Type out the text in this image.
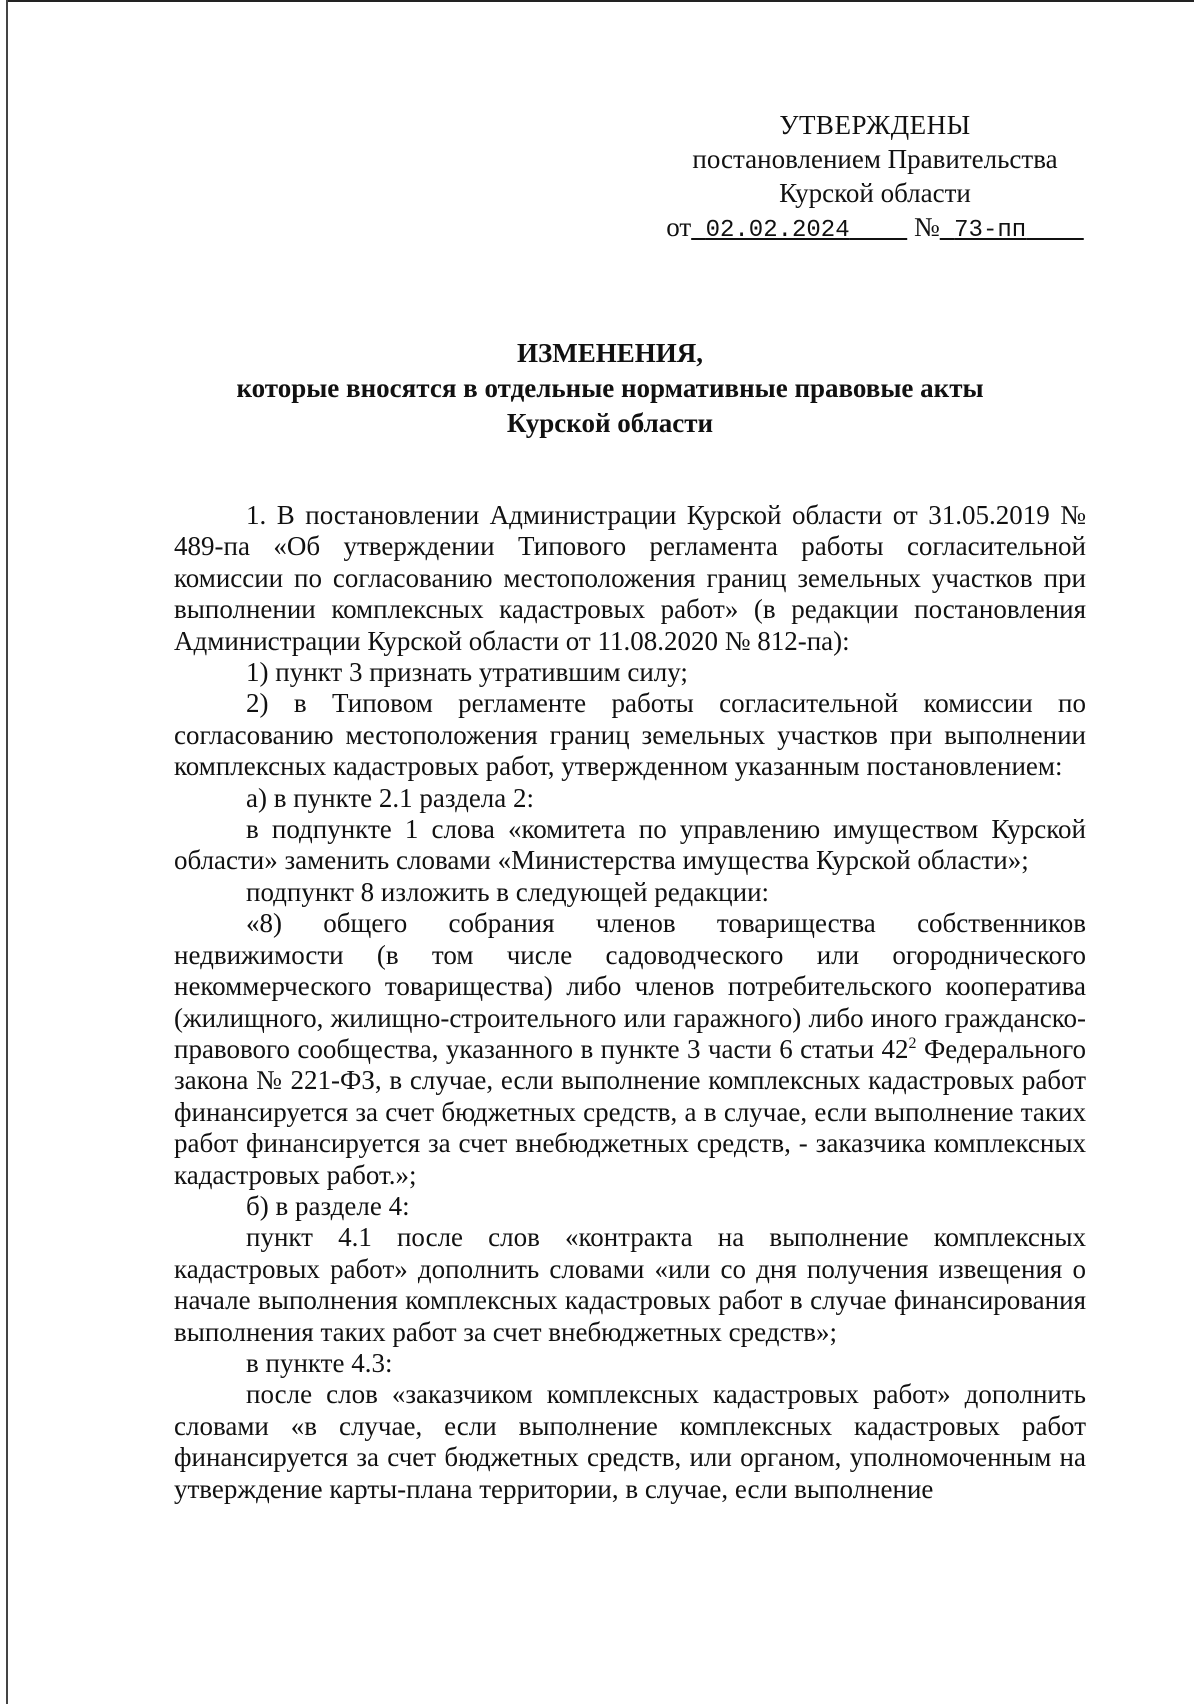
УТВЕРЖДЕНЫ
постановлением Правительства
Курской области
от 02.02.2024 № 73-пп
ИЗМЕНЕНИЯ,
которые вносятся в отдельные нормативные правовые акты
Курской области

1. В постановлении Администрации Курской области от 31.05.2019 № 489-па «Об утверждении Типового регламента работы согласительной комиссии по согласованию местоположения границ земельных участков при выполнении комплексных кадастровых работ» (в редакции постановления Администрации Курской области от 11.08.2020 № 812-па):

1) пункт 3 признать утратившим силу;

2) в Типовом регламенте работы согласительной комиссии по согласованию местоположения границ земельных участков при выполнении комплексных кадастровых работ, утвержденном указанным постановлением:

а) в пункте 2.1 раздела 2:

в подпункте 1 слова «комитета по управлению имуществом Курской области» заменить словами «Министерства имущества Курской области»;

подпункт 8 изложить в следующей редакции:

«8) общего собрания членов товарищества собственников недвижимости (в том числе садоводческого или огороднического некоммерческого товарищества) либо членов потребительского кооператива (жилищного, жилищно-строительного или гаражного) либо иного гражданско-правового сообщества, указанного в пункте 3 части 6 статьи $42^2$ Федерального закона № 221-ФЗ, в случае, если выполнение комплексных кадастровых работ финансируется за счет бюджетных средств, а в случае, если выполнение таких работ финансируется за счет внебюджетных средств, - заказчика комплексных кадастровых работ.»;

б) в разделе 4:

пункт 4.1 после слов «контракта на выполнение комплексных кадастровых работ» дополнить словами «или со дня получения извещения о начале выполнения комплексных кадастровых работ в случае финансирования выполнения таких работ за счет внебюджетных средств»;

в пункте 4.3:

после слов «заказчиком комплексных кадастровых работ» дополнить словами «в случае, если выполнение комплексных кадастровых работ финансируется за счет бюджетных средств, или органом, уполномоченным на утверждение карты-плана территории, в случае, если выполнение
